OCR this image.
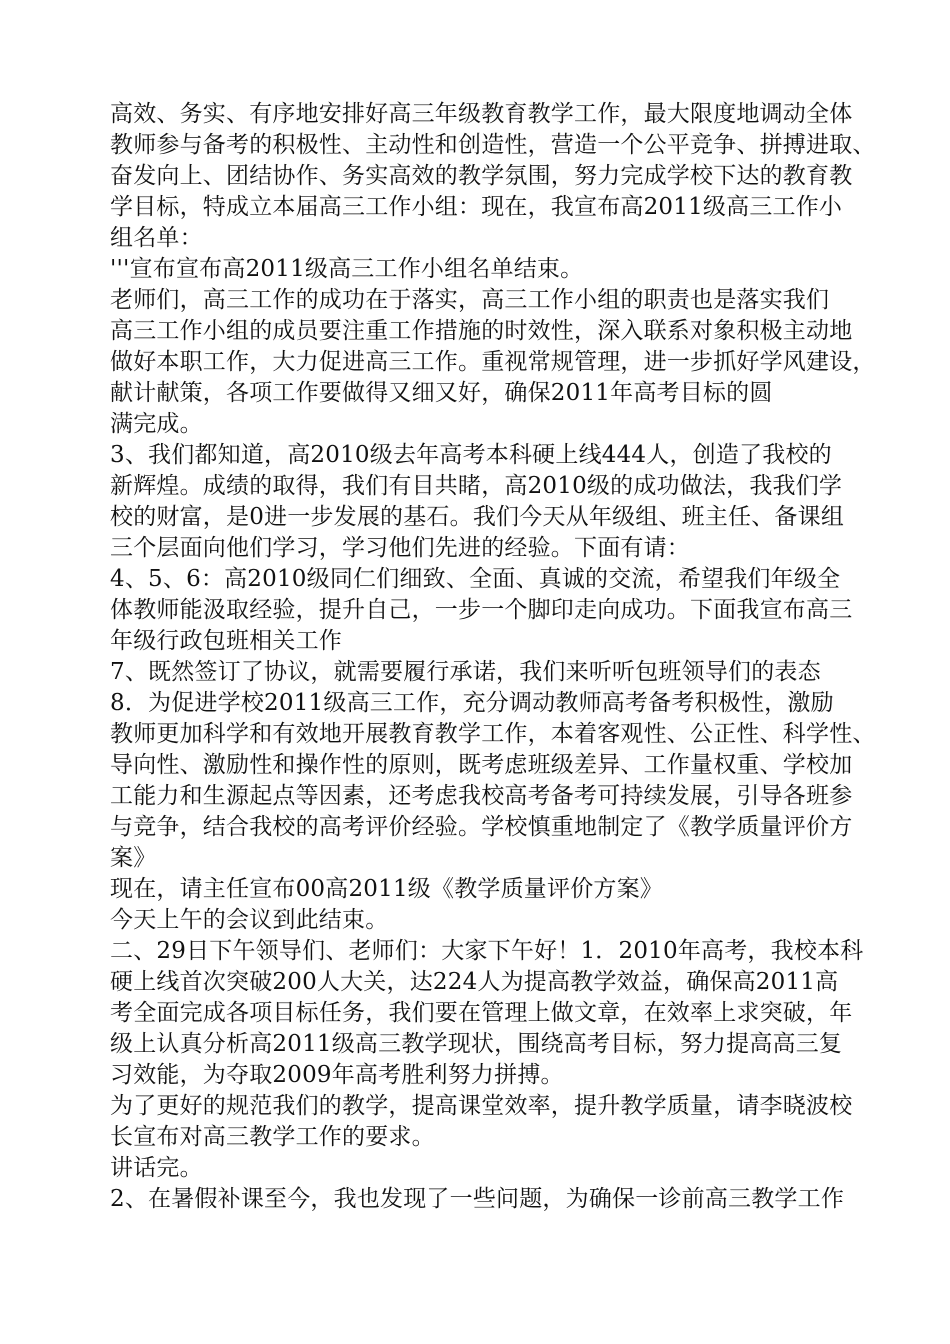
高效、务实、有序地安排好高三年级教育教学工作，最大限度地调动全体
教师参与备考的积极性、主动性和创造性，营造一个公平竞争、拼搏进取、
奋发向上、团结协作、务实高效的教学氛围，努力完成学校下达的教育教
学目标，特成立本届高三工作小组：现在，我宣布高2011级高三工作小
组名单：
'''宣布宣布高2011级高三工作小组名单结束。
老师们，高三工作的成功在于落实，高三工作小组的职责也是落实我们
高三工作小组的成员要注重工作措施的时效性，深入联系对象积极主动地
做好本职工作，大力促进高三工作。重视常规管理，进一步抓好学风建设，
献计献策，各项工作要做得又细又好，确保2011年高考目标的圆
满完成。
3、我们都知道，高2010级去年高考本科硬上线444人，创造了我校的
新辉煌。成绩的取得，我们有目共睹，高2010级的成功做法，我我们学
校的财富，是0进一步发展的基石。我们今天从年级组、班主任、备课组
三个层面向他们学习，学习他们先进的经验。下面有请：
4、5、6：高2010级同仁们细致、全面、真诚的交流，希望我们年级全
体教师能汲取经验，提升自己，一步一个脚印走向成功。下面我宣布高三
年级行政包班相关工作
7、既然签订了协议，就需要履行承诺，我们来听听包班领导们的表态
8．为促进学校2011级高三工作，充分调动教师高考备考积极性，激励
教师更加科学和有效地开展教育教学工作，本着客观性、公正性、科学性、
导向性、激励性和操作性的原则，既考虑班级差异、工作量权重、学校加
工能力和生源起点等因素，还考虑我校高考备考可持续发展，引导各班参
与竞争，结合我校的高考评价经验。学校慎重地制定了《教学质量评价方
案》
现在，请主任宣布00高2011级《教学质量评价方案》
今天上午的会议到此结束。
二、29日下午领导们、老师们：大家下午好！1．2010年高考，我校本科
硬上线首次突破200人大关，达224人为提高教学效益，确保高2011高
考全面完成各项目标任务，我们要在管理上做文章，在效率上求突破，年
级上认真分析高2011级高三教学现状，围绕高考目标，努力提高高三复
习效能，为夺取2009年高考胜利努力拼搏。
为了更好的规范我们的教学，提高课堂效率，提升教学质量，请李晓波校
长宣布对高三教学工作的要求。
讲话完。
2、在暑假补课至今，我也发现了一些问题，为确保一诊前高三教学工作
